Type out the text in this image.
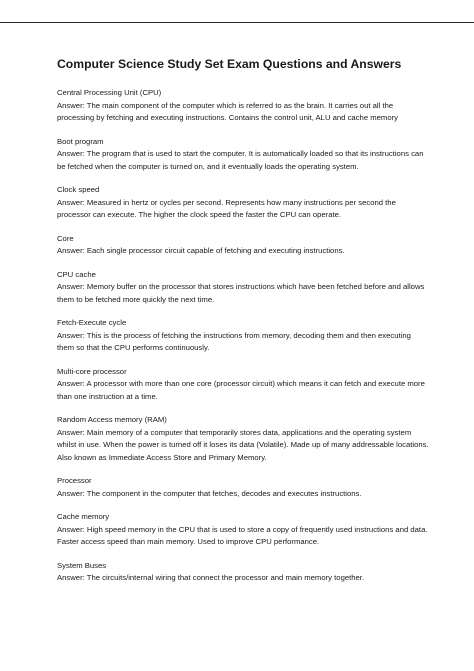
Computer Science Study Set Exam Questions and Answers
Central Processing Unit (CPU)
Answer: The main component of the computer which is referred to as the brain. It carries out all the processing by fetching and executing instructions. Contains the control unit, ALU and cache memory
Boot program
Answer: The program that is used to start the computer. It is automatically loaded so that its instructions can be fetched when the computer is turned on, and it eventually loads the operating system.
Clock speed
Answer: Measured in hertz or cycles per second. Represents how many instructions per second the processor can execute. The higher the clock speed the faster the CPU can operate.
Core
Answer: Each single processor circuit capable of fetching and executing instructions.
CPU cache
Answer: Memory buffer on the processor that stores instructions which have been fetched before and allows them to be fetched more quickly the next time.
Fetch-Execute cycle
Answer: This is the process of fetching the instructions from memory, decoding them and then executing them so that the CPU performs continuously.
Multi-core processor
Answer: A processor with more than one core (processor circuit) which means it can fetch and execute more than one instruction at a time.
Random Access memory (RAM)
Answer: Main memory of a computer that temporarily stores data, applications and the operating system whilst in use. When the power is turned off it loses its data (Volatile). Made up of many addressable locations. Also known as Immediate Access Store and Primary Memory.
Processor
Answer: The component in the computer that fetches, decodes and executes instructions.
Cache memory
Answer: High speed memory in the CPU that is used to store a copy of frequently used instructions and data. Faster access speed than main memory. Used to improve CPU performance.
System Buses
Answer: The circuits/internal wiring that connect the processor and main memory together.
